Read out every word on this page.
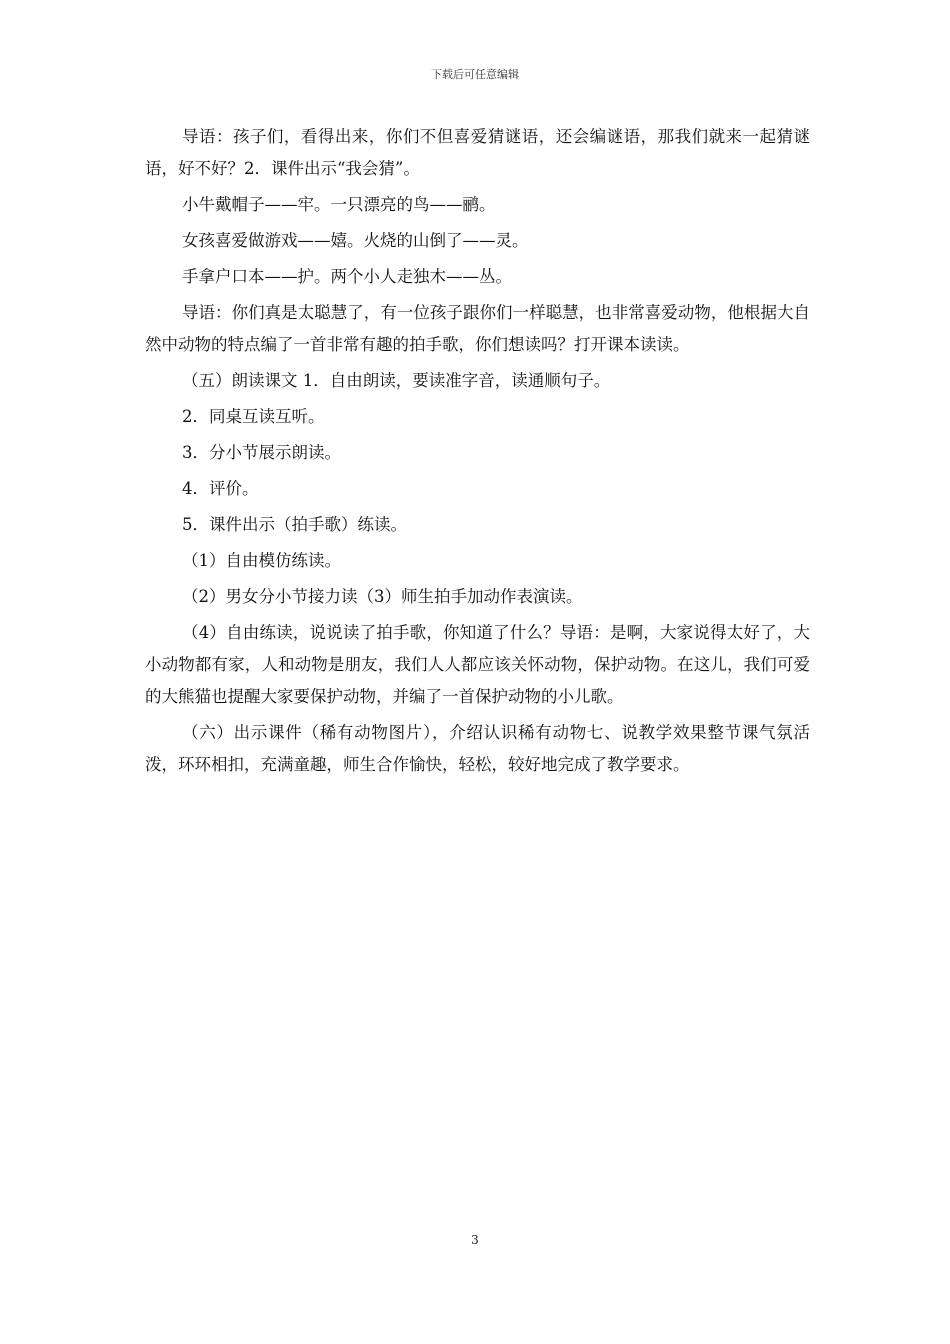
下载后可任意编辑

导语：孩子们，看得出来，你们不但喜爱猜谜语，还会编谜语，那我们就来一起猜谜语，好不好？2．课件出示“我会猜”。

小牛戴帽子——牢。一只漂亮的鸟——鹂。

女孩喜爱做游戏——嬉。火烧的山倒了——灵。

手拿户口本——护。两个小人走独木——丛。

导语：你们真是太聪慧了，有一位孩子跟你们一样聪慧，也非常喜爱动物，他根据大自然中动物的特点编了一首非常有趣的拍手歌，你们想读吗？打开课本读读。

（五）朗读课文 1．自由朗读，要读准字音，读通顺句子。

2．同桌互读互听。

3．分小节展示朗读。

4．评价。

5．课件出示（拍手歌）练读。

（1）自由模仿练读。

（2）男女分小节接力读（3）师生拍手加动作表演读。

（4）自由练读，说说读了拍手歌，你知道了什么？导语：是啊，大家说得太好了，大小动物都有家，人和动物是朋友，我们人人都应该关怀动物，保护动物。在这儿，我们可爱的大熊猫也提醒大家要保护动物，并编了一首保护动物的小儿歌。

（六）出示课件（稀有动物图片），介绍认识稀有动物七、说教学效果整节课气氛活泼，环环相扣，充满童趣，师生合作愉快，轻松，较好地完成了教学要求。

3
